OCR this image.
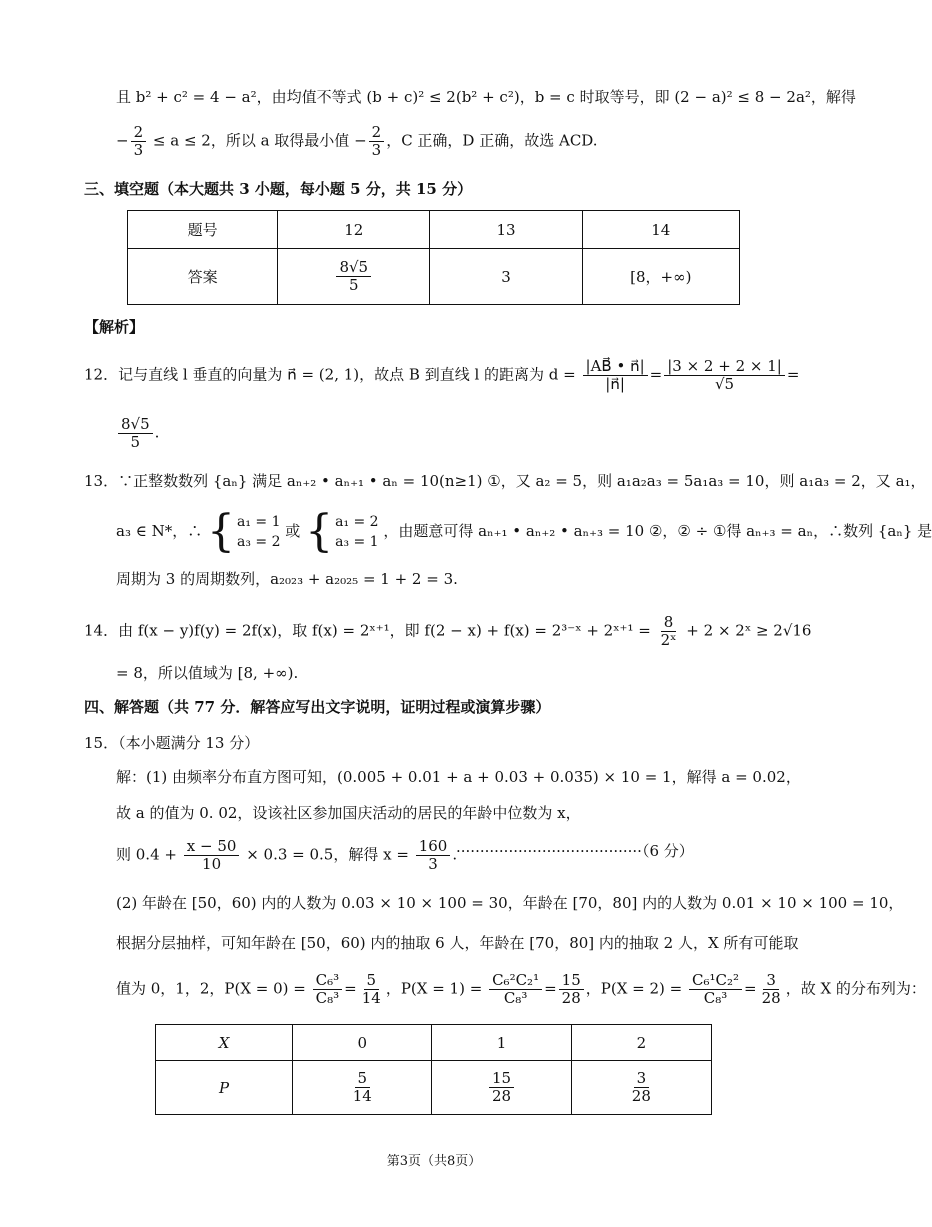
且 b² + c² = 4 − a²，由均值不等式 (b + c)² ≤ 2(b² + c²)，b = c 时取等号，即 (2 − a)² ≤ 8 − 2a²，解得
− $\frac{2}{3} \le a \le 2$，所以 a 取得最小值 − $\frac{2}{3}$ ，C 正确，D 正确，故选 ACD.
三、填空题（本大题共 3 小题，每小题 5 分，共 15 分）
题号	12	13	14
答案	$\frac{8√5}{5}$	3	[8，+∞)
【解析】
12．记与直线 l 垂直的向量为 n⃗ = (2, 1)，故点 B 到直线 l 的距离为 $d = \frac{|AB⃗ • n⃗|}{|n⃗|} = \frac{|3 \times 2 + 2 \times 1|}{√5}$ =
$\frac{8√5}{5}$ .
13．∵正整数数列 {aₙ} 满足 aₙ₊₂ • aₙ₊₁ • aₙ = 10(n≥1) ①，又 a₂ = 5，则 a₁a₂a₃ = 5a₁a₃ = 10，则 a₁a₃ = 2，又 a₁，
a₃ ∈ N*，∴ { a₁ = 1
a₃ = 2
或 { a₁ = 2
a₃ = 1
，由题意可得 aₙ₊₁ • aₙ₊₂ • aₙ₊₃ = 10 ②，② ÷ ①得 aₙ₊₃ = aₙ，∴数列 {aₙ} 是
周期为 3 的周期数列，a₂₀₂₃ + a₂₀₂₅ = 1 + 2 = 3.
14．由 f(x − y)f(y) = 2f(x)，取 f(x) = 2ˣ⁺¹，即 f(2 − x) + f(x) = 2³⁻ˣ + 2ˣ⁺¹ = $\frac{8}{\text{2ˣ}} + 2$ × 2ˣ ≥ 2√16
= 8，所以值域为 [8, +∞).
四、解答题（共 77 分．解答应写出文字说明，证明过程或演算步骤）
15．（本小题满分 13 分）
解：(1) 由频率分布直方图可知，(0.005 + 0.01 + a + 0.03 + 0.035) × 10 = 1，解得 a = 0.02，
故 a 的值为 0. 02，设该社区参加国庆活动的居民的年龄中位数为 x，
则 $0.4 + \frac{x - 50}{10} \times 0.3 = 0.5$，解得 $x = \frac{160}{3}$ .
·······································（6 分）
(2) 年龄在 [50，60) 内的人数为 0.03 × 10 × 100 = 30，年龄在 [70，80] 内的人数为 0.01 × 10 × 100 = 10，
根据分层抽样，可知年龄在 [50，60) 内的抽取 6 人，年龄在 [70，80] 内的抽取 2 人，X 所有可能取
值为 0，1，2，$P(X = 0) = \frac{\text{C₆³}}{\text{C₈³}} = \frac{5}{14}$ ，$P(X = 1) = \frac{\text{C₆²C₂¹}}{\text{C₈³}} = \frac{15}{28}$ ，$P(X = 2) = \frac{\text{C₆¹C₂²}}{\text{C₈³}} = \frac{3}{28}$ ，故 X 的分布列为：
X	0	1	2
P	$\frac{5}{14}$	$\frac{15}{28}$	$\frac{3}{28}$
第3页（共8页）
